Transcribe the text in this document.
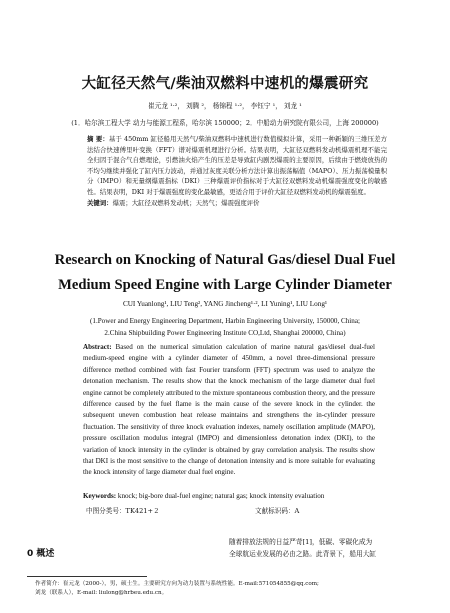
大缸径天然气/柴油双燃料中速机的爆震研究
崔元龙 ¹·²， 刘腾 ²， 杨锦程 ¹·²， 李钰宁 ¹， 刘龙 ¹
(1．哈尔滨工程大学 动力与能源工程系，哈尔滨 150000；2．中船动力研究院有限公司，上海 200000)

摘 要：基于 450mm 缸径船用天然气/柴油双燃料中速机进行数值模拟计算，采用一种新颖的三维压差方法结合快速傅里叶变换（FFT）谱对爆震机理进行分析。结果表明，大缸径双燃料发动机爆震机理不能完全归因于混合气自燃理论，引燃油火焰产生的压差是导致缸内剧烈爆震的主要原因，后续由于燃烧放热的不均匀继续并强化了缸内压力波动，并通过灰度关联分析方法计算出振荡幅值（MAPO）、压力振荡模量积分（IMPO）和无量纲爆震指标（DKI）三种爆震评价指标对于大缸径双燃料发动机爆震强度变化的敏感性。结果表明，DKI 对于爆震强度的变化最敏感，更适合用于评价大缸径双燃料发动机的爆震强度。

关键词：爆震；大缸径双燃料发动机；天然气；爆震强度评价

Research on Knocking of Natural Gas/diesel Dual Fuel
Medium Speed Engine with Large Cylinder Diameter
CUI Yuanlong¹, LIU Teng², YANG Jincheng¹·², LI Yuning¹, LIU Long¹
(1.Power and Energy Engineering Department, Harbin Engineering University, 150000, China;
2.China Shipbuilding Power Engineering Institute CO,Ltd, Shanghai 200000, China)
Abstract: Based on the numerical simulation calculation of marine natural gas/diesel dual-fuel medium-speed engine with a cylinder diameter of 450mm, a novel three-dimensional pressure difference method combined with fast Fourier transform (FFT) spectrum was used to analyze the detonation mechanism. The results show that the knock mechanism of the large diameter dual fuel engine cannot be completely attributed to the mixture spontaneous combustion theory, and the pressure difference caused by the fuel flame is the main cause of the severe knock in the cylinder. the subsequent uneven combustion heat release maintains and strengthens the in-cylinder pressure fluctuation. The sensitivity of three knock evaluation indexes, namely oscillation amplitude (MAPO), pressure oscillation modulus integral (IMPO) and dimensionless detonation index (DKI), to the variation of knock intensity in the cylinder is obtained by gray correlation analysis. The results show that DKI is the most sensitive to the change of detonation intensity and is more suitable for evaluating the knock intensity of large diameter dual fuel engine.
Keywords: knock; big-bore dual-fuel engine; natural gas; knock intensity evaluation
中图分类号：TK421+２	文献标识码：A

随着排放法规的日益严苛[1]，低碳、零碳化成为

全球航运业发展的必由之路。此背景下，船用大缸

0 概述
作者简介：崔元龙（2000-），男，硕士生。主要研究方向为动力装置与系统性能。E-mail:571054855@qq.com;
刘龙（联系人），E-mail: liulong@hrbeu.edu.cn。
